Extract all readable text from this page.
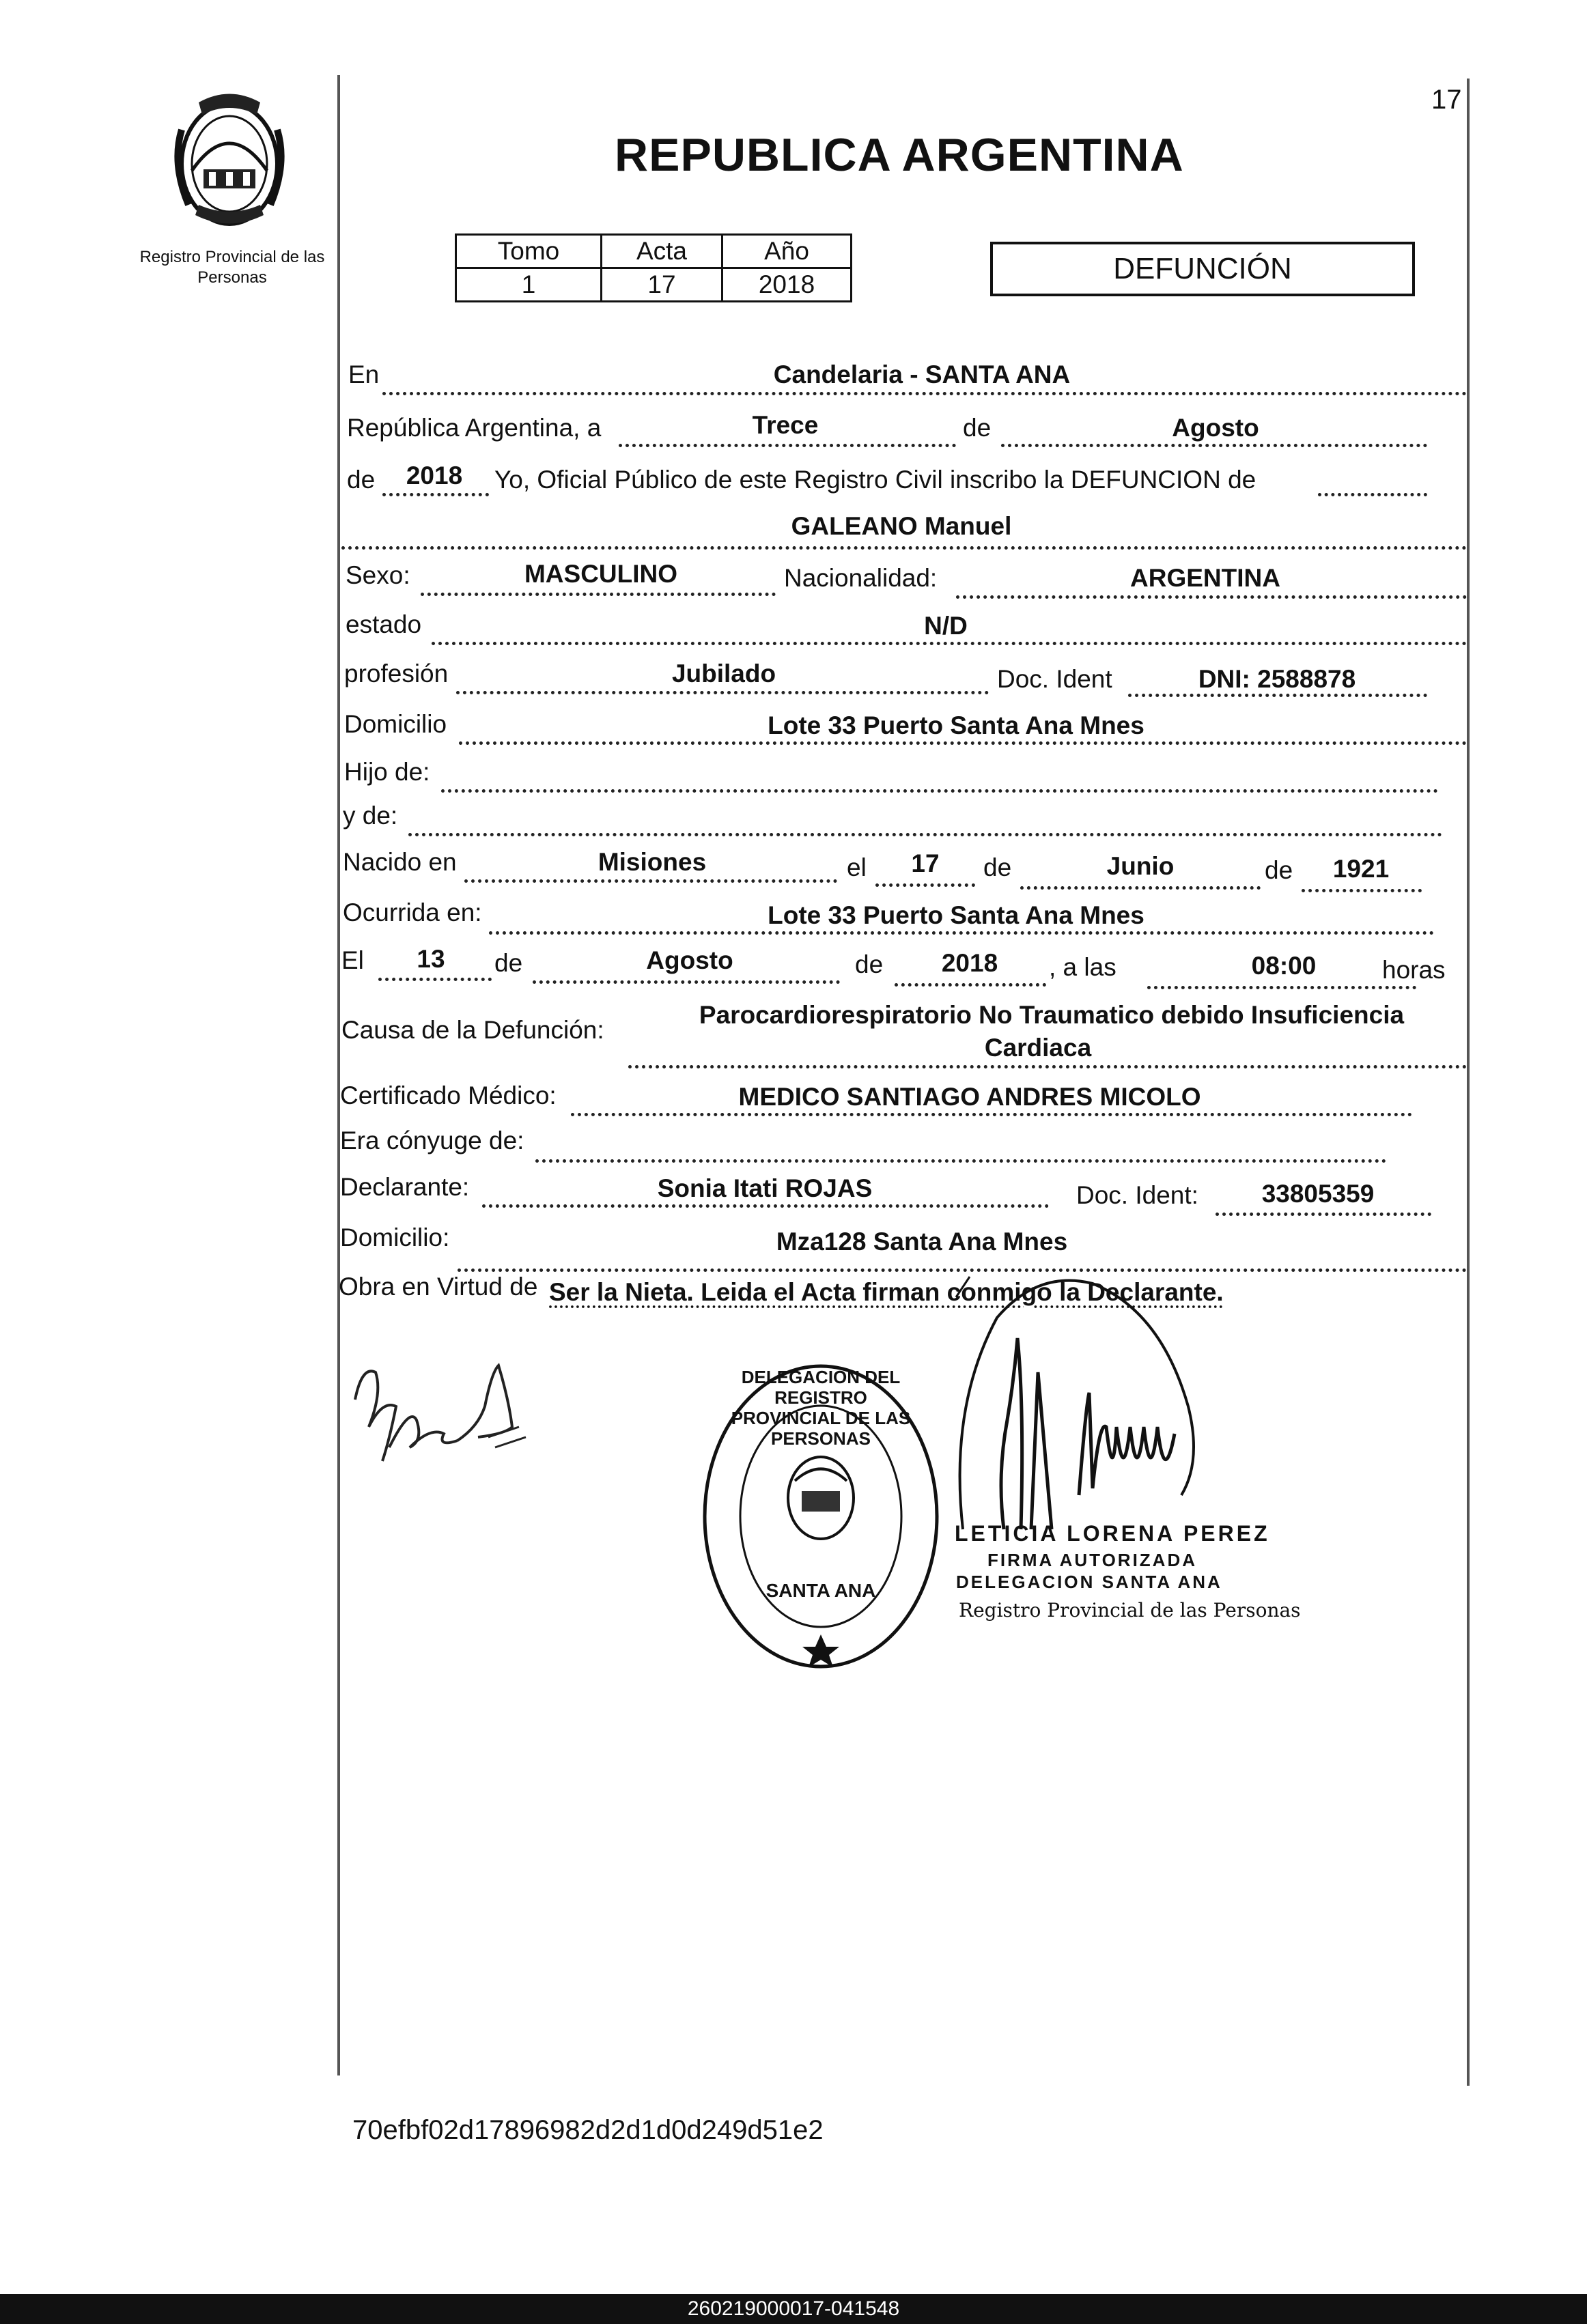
17
Registro Provincial de las Personas
REPUBLICA ARGENTINA
Tomo	Acta	Año
1	17	2018	DEFUNCIÓN
En	Candelaria - SANTA ANA
República Argentina, a	Trece	de	Agosto
de	2018	Yo, Oficial Público de este Registro Civil inscribo la DEFUNCION de
GALEANO Manuel
Sexo:	MASCULINO	Nacionalidad:	ARGENTINA
estado	N/D
profesión	Jubilado	Doc. Ident	DNI: 2588878
Domicilio	Lote 33 Puerto Santa Ana Mnes
Hijo de:
y de:
Nacido en	Misiones	el	17	de	Junio	de	1921
Ocurrida en:	Lote 33 Puerto Santa Ana Mnes
El	13	de	Agosto	de	2018	, a las	08:00	horas
Causa de la Defunción:
Parocardiorespiratorio No Traumatico debido Insuficiencia
Cardiaca
Certificado Médico:	MEDICO SANTIAGO ANDRES MICOLO
Era cónyuge de:
Declarante:	Sonia Itati ROJAS	Doc. Ident:	33805359
Domicilio:	Mza128 Santa Ana Mnes
Obra en Virtud de Ser la Nieta. Leida el Acta firman conmigo la Declarante.
DELEGACION DEL REGISTRO PROVINCIAL DE LAS PERSONAS
SANTA ANA
LETICIA LORENA PEREZ
FIRMA AUTORIZADA
DELEGACION SANTA ANA
Registro Provincial de las Personas
70efbf02d17896982d2d1d0d249d51e2
260219000017-041548
